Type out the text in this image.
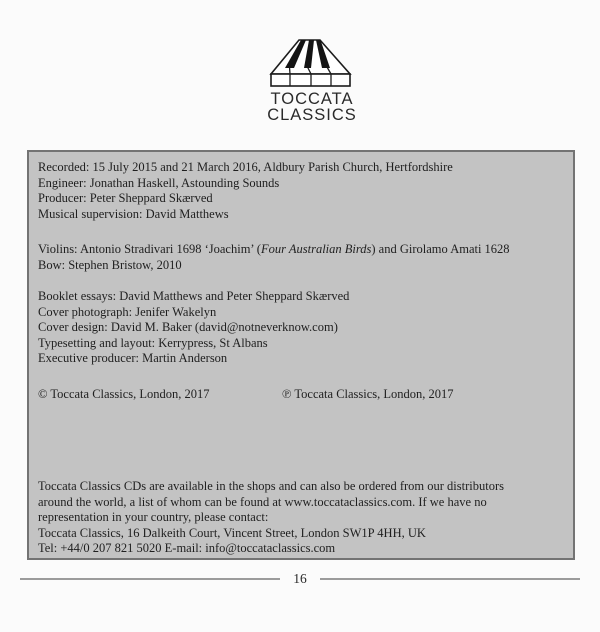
TOCCATA
CLASSICS
Recorded: 15 July 2015 and 21 March 2016, Aldbury Parish Church, Hertfordshire
Engineer: Jonathan Haskell, Astounding Sounds
Producer: Peter Sheppard Skærved
Musical supervision: David Matthews
Violins: Antonio Stradivari 1698 ‘Joachim’ (Four Australian Birds) and Girolamo Amati 1628
Bow: Stephen Bristow, 2010
Booklet essays: David Matthews and Peter Sheppard Skærved
Cover photograph: Jenifer Wakelyn
Cover design: David M. Baker (david@notneverknow.com)
Typesetting and layout: Kerrypress, St Albans
Executive producer: Martin Anderson
© Toccata Classics, London, 2017	℗ Toccata Classics, London, 2017
Toccata Classics CDs are available in the shops and can also be ordered from our distributors
around the world, a list of whom can be found at www.toccataclassics.com. If we have no
representation in your country, please contact:
Toccata Classics, 16 Dalkeith Court, Vincent Street, London SW1P 4HH, UK
Tel: +44/0 207 821 5020 E-mail: info@toccataclassics.com
16
